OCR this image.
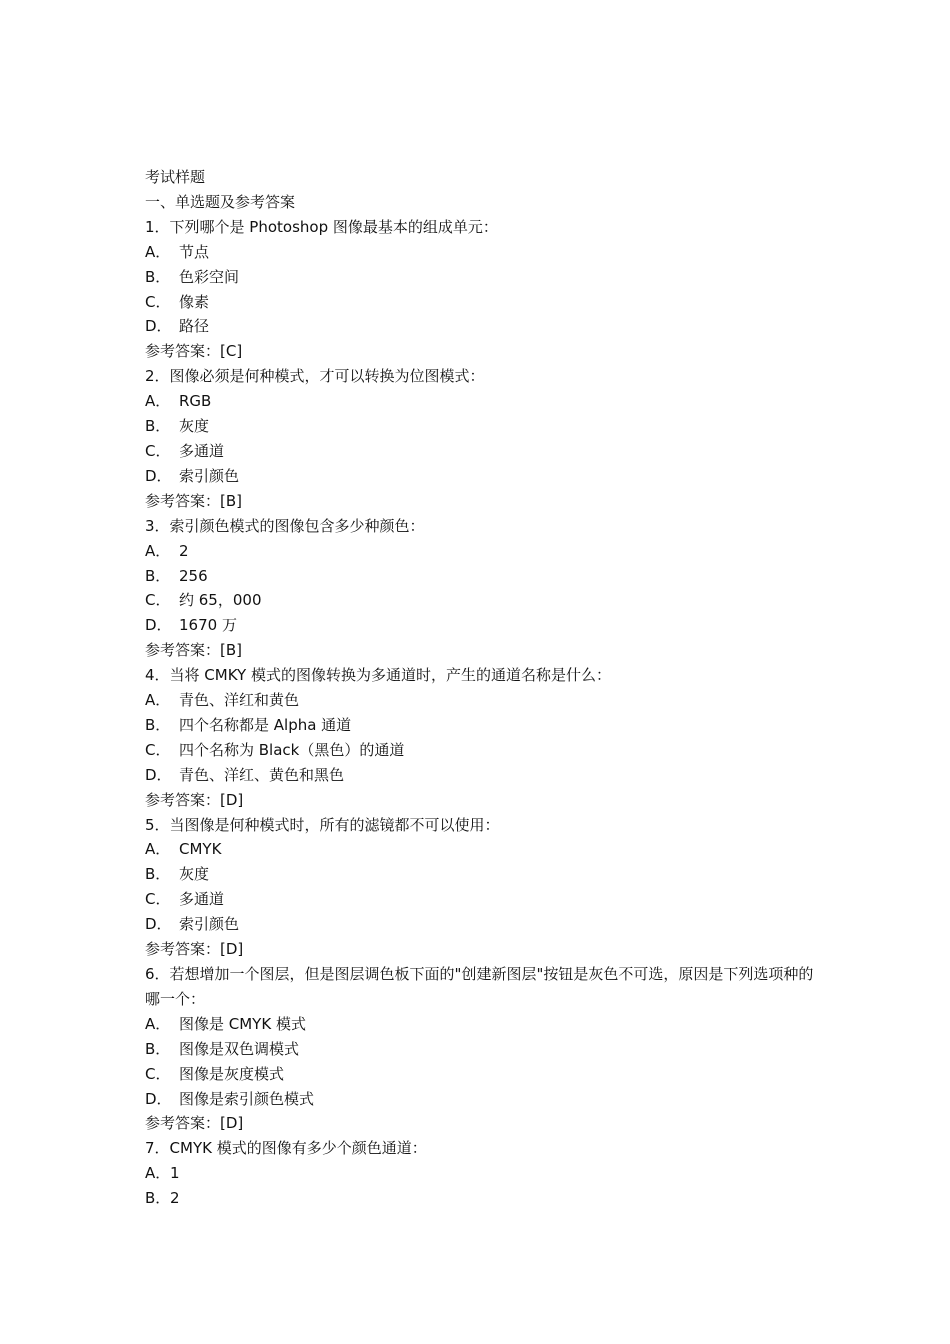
考试样题

一、单选题及参考答案

1．下列哪个是 Photoshop 图像最基本的组成单元：

A． 节点

B． 色彩空间

C． 像素

D． 路径

参考答案：[C]

2．图像必须是何种模式，才可以转换为位图模式：

A． RGB

B． 灰度

C． 多通道

D． 索引颜色

参考答案：[B]

3．索引颜色模式的图像包含多少种颜色：

A． 2

B． 256

C． 约 65，000

D． 1670 万

参考答案：[B]

4．当将 CMKY 模式的图像转换为多通道时，产生的通道名称是什么：

A． 青色、洋红和黄色

B． 四个名称都是 Alpha 通道

C． 四个名称为 Black（黑色）的通道

D． 青色、洋红、黄色和黑色

参考答案：[D]

5．当图像是何种模式时，所有的滤镜都不可以使用：

A． CMYK

B． 灰度

C． 多通道

D． 索引颜色

参考答案：[D]

6．若想增加一个图层，但是图层调色板下面的"创建新图层"按钮是灰色不可选，原因是下列选项种的哪一个：

A． 图像是 CMYK 模式

B． 图像是双色调模式

C． 图像是灰度模式

D． 图像是索引颜色模式

参考答案：[D]

7．CMYK 模式的图像有多少个颜色通道：

A．1

B．2
